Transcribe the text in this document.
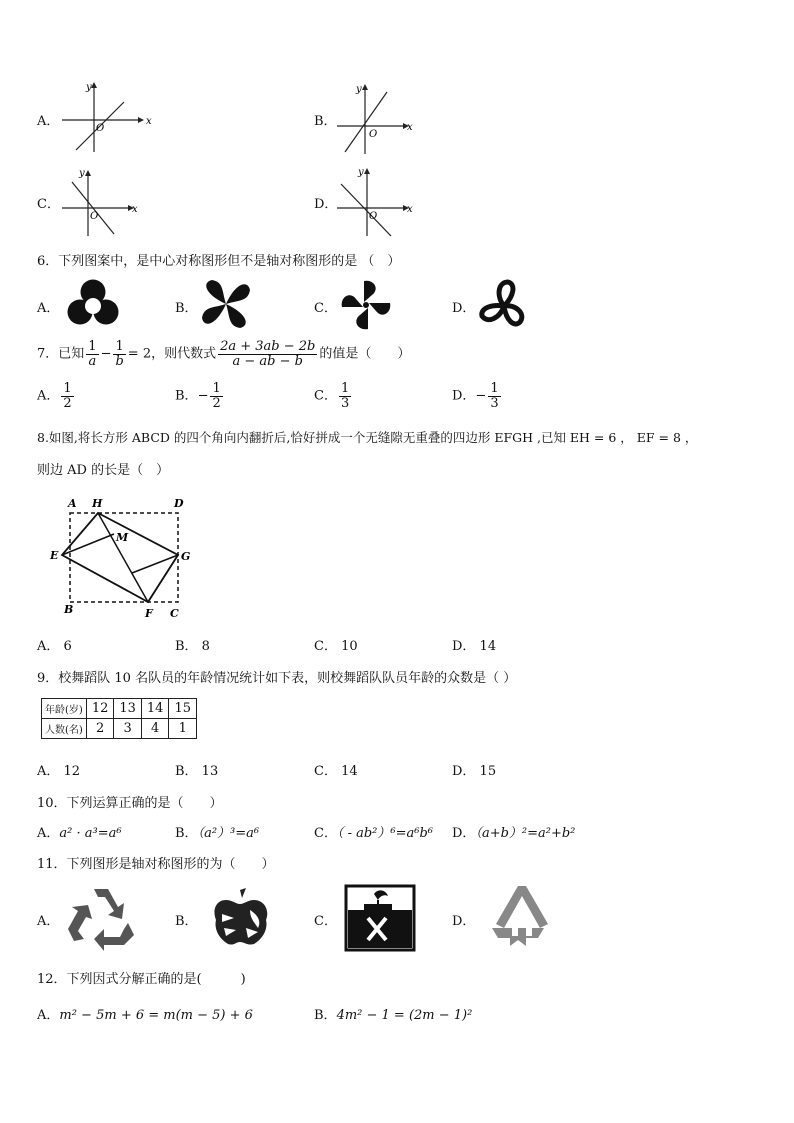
A．	x
y
O	B．	x
y
O
C．	x
y
O
D．	x
y
O
6．下列图案中，是中心对称图形但不是轴对称图形的是 （　）
A．	B．	C．	D．
7．已知 $\frac{1}{a} - \frac{1}{b} = 2$，则代数式 $\frac{2a + 3ab - 2b}{a - ab - b}$ 的值是（　　）
A． $\frac{1}{2}$	B．− $\frac{1}{2}$	C． $\frac{1}{3}$	D．− $\frac{1}{3}$
8.如图,将长方形 ABCD 的四个角向内翻折后,恰好拼成一个无缝隙无重叠的四边形 EFGH ,已知 EH = 6 ， EF = 8 ，
则边 AD 的长是（　）
A H	D
M
E	G
B	F C
A． 6	B． 8	C． 10	D． 14
9．校舞蹈队 10 名队员的年龄情况统计如下表，则校舞蹈队队员年龄的众数是（ ）
年龄(岁)	12	13	14	15
人数(名)	2	3	4	1
A． 12	B． 13	C． 14	D． 15
10．下列运算正确的是（　　）
A．a² · a³=a⁶	B．（a²）³=a⁶	C．（ - ab²）⁶=a⁶b⁶ D．（a+b）²=a²+b²
11．下列图形是轴对称图形的为（　　）
A．	B．	C．	D．
12．下列因式分解正确的是(　　　)
A．m² − 5m + 6 = m(m − 5) + 6	B．4m² − 1 = (2m − 1)²
